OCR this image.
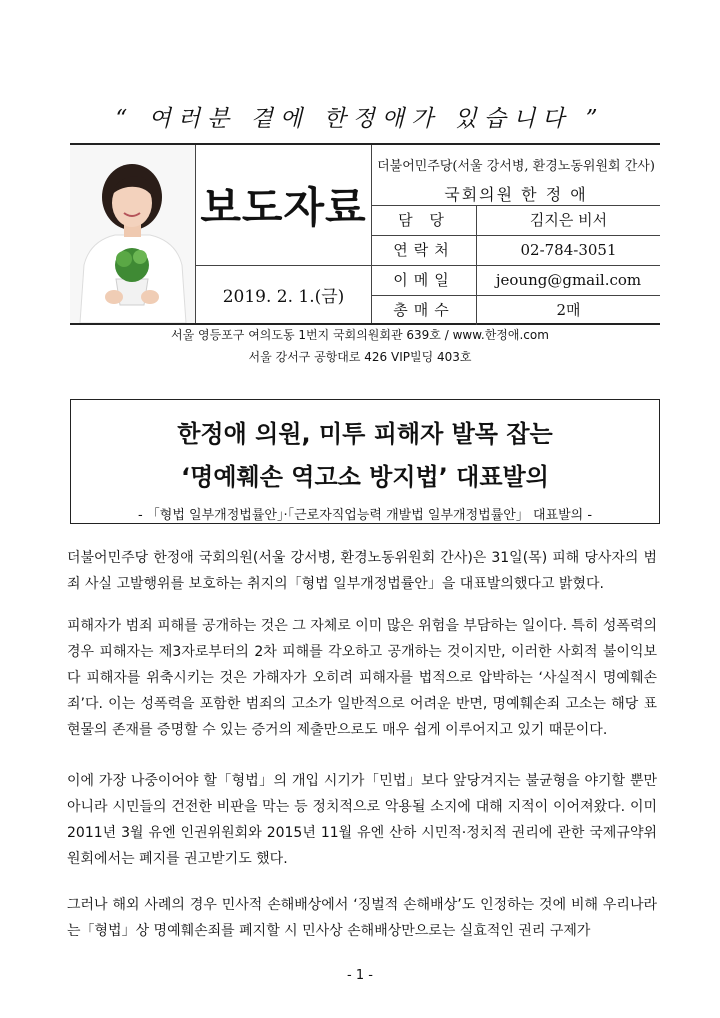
“ 여러분 곁에 한정애가 있습니다 ”
보도자료
2019. 2. 1.(금)
더불어민주당(서울 강서병, 환경노동위원회 간사)
국회의원 한 정 애
담 당	김지은 비서
연락처	02-784-3051
이메일	jeoung@gmail.com
총매수	2매
서울 영등포구 여의도동 1번지 국회의원회관 639호 / www.한정애.com
서울 강서구 공항대로 426 VIP빌딩 403호
한정애 의원, 미투 피해자 발목 잡는
‘명예훼손 역고소 방지법’ 대표발의
- 「형법 일부개정법률안」·「근로자직업능력 개발법 일부개정법률안」 대표발의 -

더불어민주당 한정애 국회의원(서울 강서병, 환경노동위원회 간사)은 31일(목) 피해 당사자의 범죄 사실 고발행위를 보호하는 취지의「형법 일부개정법률안」을 대표발의했다고 밝혔다.

피해자가 범죄 피해를 공개하는 것은 그 자체로 이미 많은 위험을 부담하는 일이다. 특히 성폭력의 경우 피해자는 제3자로부터의 2차 피해를 각오하고 공개하는 것이지만, 이러한 사회적 불이익보다 피해자를 위축시키는 것은 가해자가 오히려 피해자를 법적으로 압박하는 ‘사실적시 명예훼손죄’다. 이는 성폭력을 포함한 범죄의 고소가 일반적으로 어려운 반면, 명예훼손죄 고소는 해당 표현물의 존재를 증명할 수 있는 증거의 제출만으로도 매우 쉽게 이루어지고 있기 때문이다.

이에 가장 나중이어야 할「형법」의 개입 시기가「민법」보다 앞당겨지는 불균형을 야기할 뿐만 아니라 시민들의 건전한 비판을 막는 등 정치적으로 악용될 소지에 대해 지적이 이어져왔다. 이미 2011년 3월 유엔 인권위원회와 2015년 11월 유엔 산하 시민적·정치적 권리에 관한 국제규약위원회에서는 폐지를 권고받기도 했다.

그러나 해외 사례의 경우 민사적 손해배상에서 ‘징벌적 손해배상’도 인정하는 것에 비해 우리나라는「형법」상 명예훼손죄를 폐지할 시 민사상 손해배상만으로는 실효적인 권리 구제가

- 1 -
